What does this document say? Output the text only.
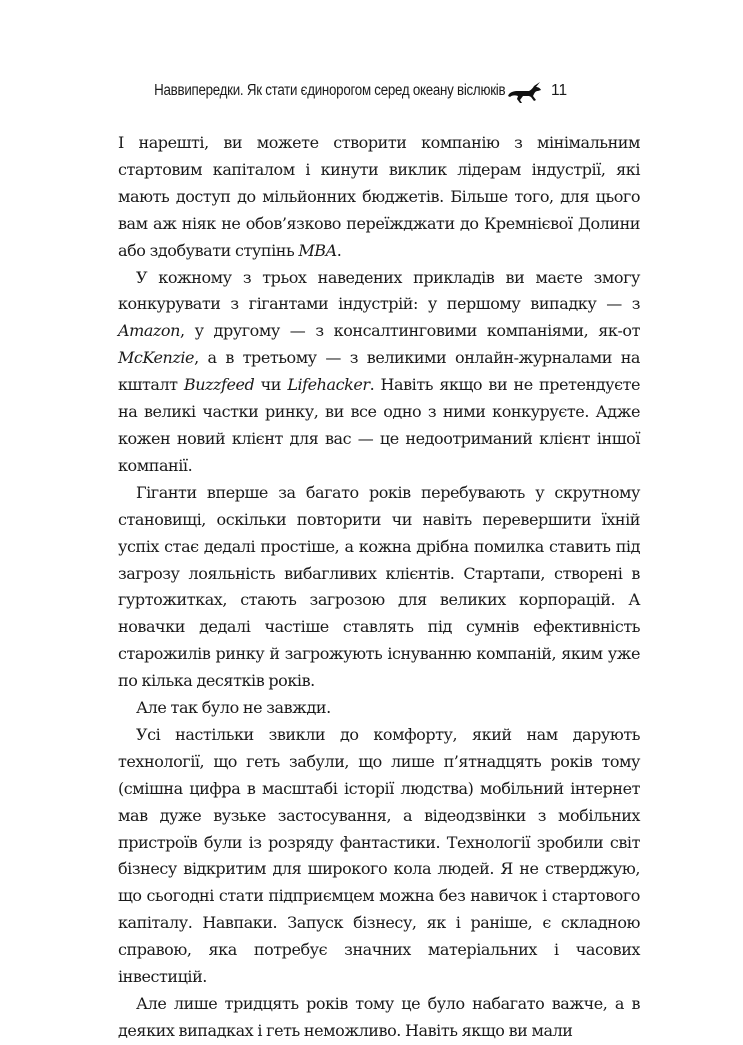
Наввипередки. Як стати єдинорогом серед океану віслюків	11

І нарешті, ви можете створити компанію з мінімальним стартовим капіталом і кинути виклик лідерам індустрії, які мають доступ до мільйонних бюджетів. Більше того, для цього вам аж ніяк не обов’язково переїжджати до Кремнієвої Долини або здобувати ступінь MBA.

У кожному з трьох наведених прикладів ви маєте змогу конкурувати з гігантами індустрій: у першому випадку — з Amazon, у другому — з консалтинговими компаніями, як-от McKenzie, а в третьому — з великими онлайн-журналами на кшталт Buzzfeed чи Lifehacker. Навіть якщо ви не претендуєте на великі частки ринку, ви все одно з ними конкуруєте. Адже кожен новий клієнт для вас — це недоотриманий клієнт іншої компанії.

Гіганти вперше за багато років перебувають у скрутному становищі, оскільки повторити чи навіть перевершити їхній успіх стає дедалі простіше, а кожна дрібна помилка ставить під загрозу лояльність вибагливих клієнтів. Стартапи, створені в гуртожитках, стають загрозою для великих корпорацій. А новачки дедалі частіше ставлять під сумнів ефективність старожилів ринку й загрожують існуванню компаній, яким уже по кілька десятків років.

Але так було не завжди.

Усі настільки звикли до комфорту, який нам дарують технології, що геть забули, що лише п’ятнадцять років тому (смішна цифра в масштабі історії людства) мобільний інтернет мав дуже вузьке застосування, а відеодзвінки з мобільних пристроїв були із розряду фантастики. Технології зробили світ бізнесу відкритим для широкого кола людей. Я не стверджую, що сьогодні стати підприємцем можна без навичок і стартового капіталу. Навпаки. Запуск бізнесу, як і раніше, є складною справою, яка потребує значних матеріальних і часових інвестицій.

Але лише тридцять років тому це було набагато важче, а в деяких випадках і геть неможливо. Навіть якщо ви мали
